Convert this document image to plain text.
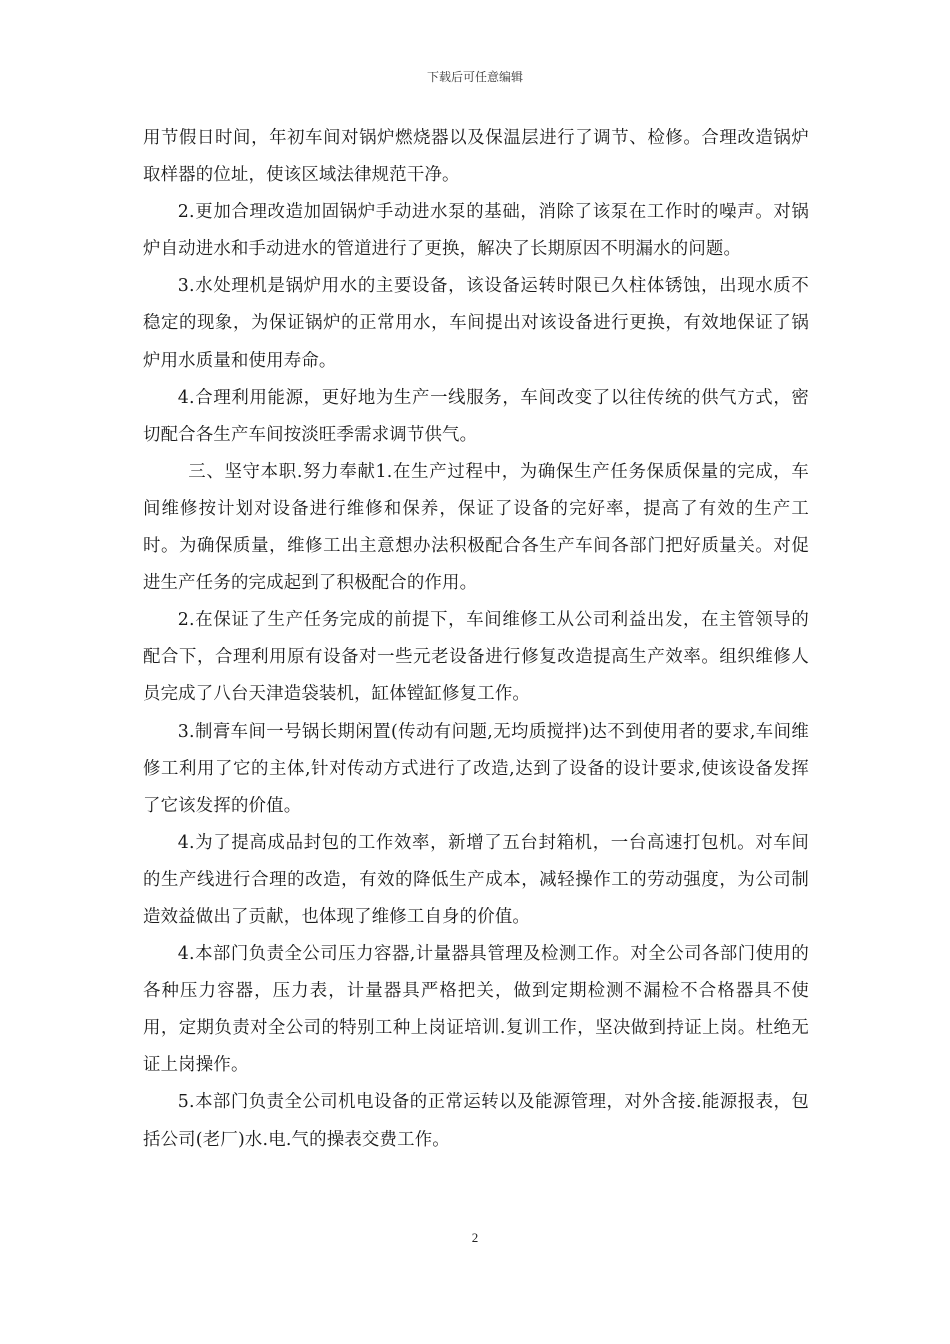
下载后可任意编辑

用节假日时间，年初车间对锅炉燃烧器以及保温层进行了调节、检修。合理改造锅炉取样器的位址，使该区域法律规范干净。

2.更加合理改造加固锅炉手动进水泵的基础，消除了该泵在工作时的噪声。对锅炉自动进水和手动进水的管道进行了更换，解决了长期原因不明漏水的问题。

3.水处理机是锅炉用水的主要设备，该设备运转时限已久柱体锈蚀，出现水质不稳定的现象，为保证锅炉的正常用水，车间提出对该设备进行更换，有效地保证了锅炉用水质量和使用寿命。

4.合理利用能源，更好地为生产一线服务，车间改变了以往传统的供气方式，密切配合各生产车间按淡旺季需求调节供气。

三、坚守本职.努力奉献1.在生产过程中，为确保生产任务保质保量的完成，车间维修按计划对设备进行维修和保养，保证了设备的完好率，提高了有效的生产工时。为确保质量，维修工出主意想办法积极配合各生产车间各部门把好质量关。对促进生产任务的完成起到了积极配合的作用。

2.在保证了生产任务完成的前提下，车间维修工从公司利益出发，在主管领导的配合下，合理利用原有设备对一些元老设备进行修复改造提高生产效率。组织维修人员完成了八台天津造袋装机，缸体镗缸修复工作。

3.制膏车间一号锅长期闲置(传动有问题,无均质搅拌)达不到使用者的要求,车间维修工利用了它的主体,针对传动方式进行了改造,达到了设备的设计要求,使该设备发挥了它该发挥的价值。

4.为了提高成品封包的工作效率，新增了五台封箱机，一台高速打包机。对车间的生产线进行合理的改造，有效的降低生产成本，减轻操作工的劳动强度，为公司制造效益做出了贡献，也体现了维修工自身的价值。

4.本部门负责全公司压力容器,计量器具管理及检测工作。对全公司各部门使用的各种压力容器，压力表，计量器具严格把关，做到定期检测不漏检不合格器具不使用，定期负责对全公司的特别工种上岗证培训.复训工作，坚决做到持证上岗。杜绝无证上岗操作。

5.本部门负责全公司机电设备的正常运转以及能源管理，对外含接.能源报表，包括公司(老厂)水.电.气的操表交费工作。

2
